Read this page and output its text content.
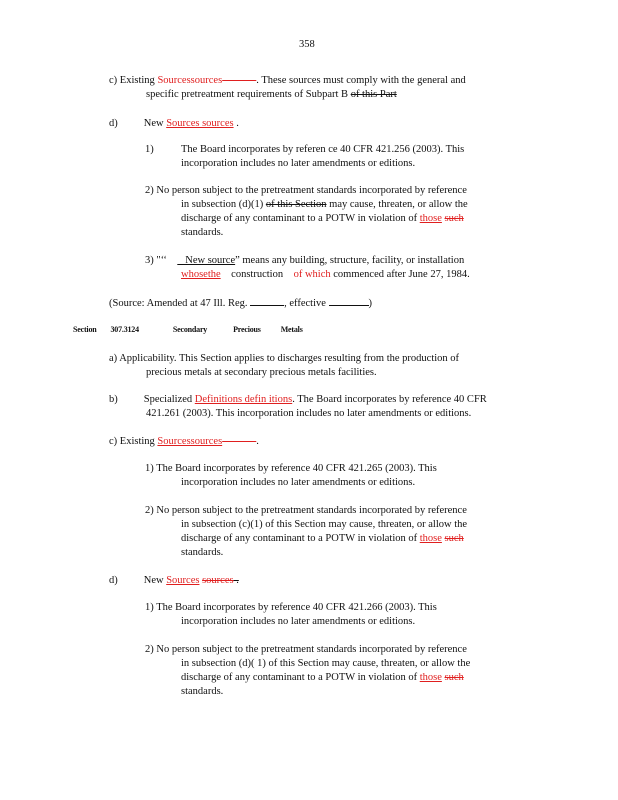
358
c) Existing Sourcessources	. These sources must comply with the general and
specific pretreatment requirements of Subpart B of this Part
d) New Sources sources .
1)	The Board incorporates by referen ce 40 CFR 421.256 (2003). This
incorporation includes no later amendments or editions.
2) No person subject to the pretreatment standards incorporated by reference
in subsection (d)(1) of this Section may cause, threaten, or allow the
discharge of any contaminant to a POTW in violation of those such
standards.
3) "‘‘ _ New source” means any building, structure, facility, or installation
whosethe construction of which commenced after June 27, 1984.
(Source: Amended at 47 Ill. Reg.	, effective	)
Section 307.3124	Secondary	Precious	Metals
a) Applicability. This Section applies to discharges resulting from the production of
precious metals at secondary precious metals facilities.
b) Specialized Definitions defin itions. The Board incorporates by reference 40 CFR
421.261 (2003). This incorporation includes no later amendments or editions.
c) Existing Sourcessources	.
1) The Board incorporates by reference 40 CFR 421.265 (2003). This
incorporation includes no later amendments or editions.
2) No person subject to the pretreatment standards incorporated by reference
in subsection (c)(1) of this Section may cause, threaten, or allow the
discharge of any contaminant to a POTW in violation of those such
standards.
d) New Sources sources .
1) The Board incorporates by reference 40 CFR 421.266 (2003). This
incorporation includes no later amendments or editions.
2) No person subject to the pretreatment standards incorporated by reference
in subsection (d)( 1) of this Section may cause, threaten, or allow the
discharge of any contaminant to a POTW in violation of those such
standards.
